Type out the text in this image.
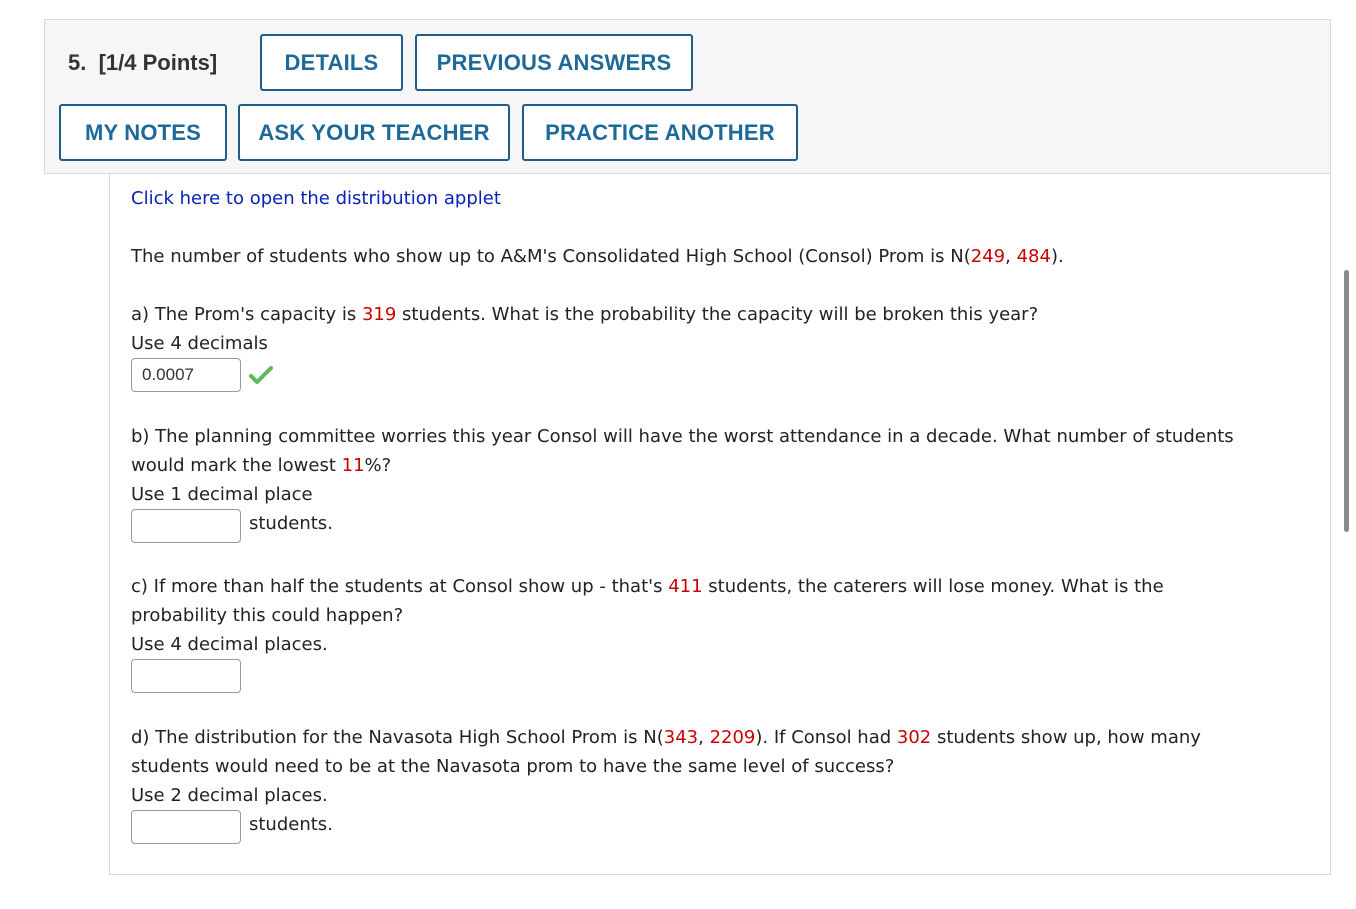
5. [1/4 Points]	DETAILS	PREVIOUS ANSWERS
MY NOTES	ASK YOUR TEACHER	PRACTICE ANOTHER
Click here to open the distribution applet
The number of students who show up to A&M's Consolidated High School (Consol) Prom is N(249, 484).
a) The Prom's capacity is 319 students. What is the probability the capacity will be broken this year?
Use 4 decimals
0.0007
b) The planning committee worries this year Consol will have the worst attendance in a decade. What number of students
would mark the lowest 11%?
Use 1 decimal place
students.
c) If more than half the students at Consol show up - that's 411 students, the caterers will lose money. What is the
probability this could happen?
Use 4 decimal places.
d) The distribution for the Navasota High School Prom is N(343, 2209). If Consol had 302 students show up, how many
students would need to be at the Navasota prom to have the same level of success?
Use 2 decimal places.
students.
